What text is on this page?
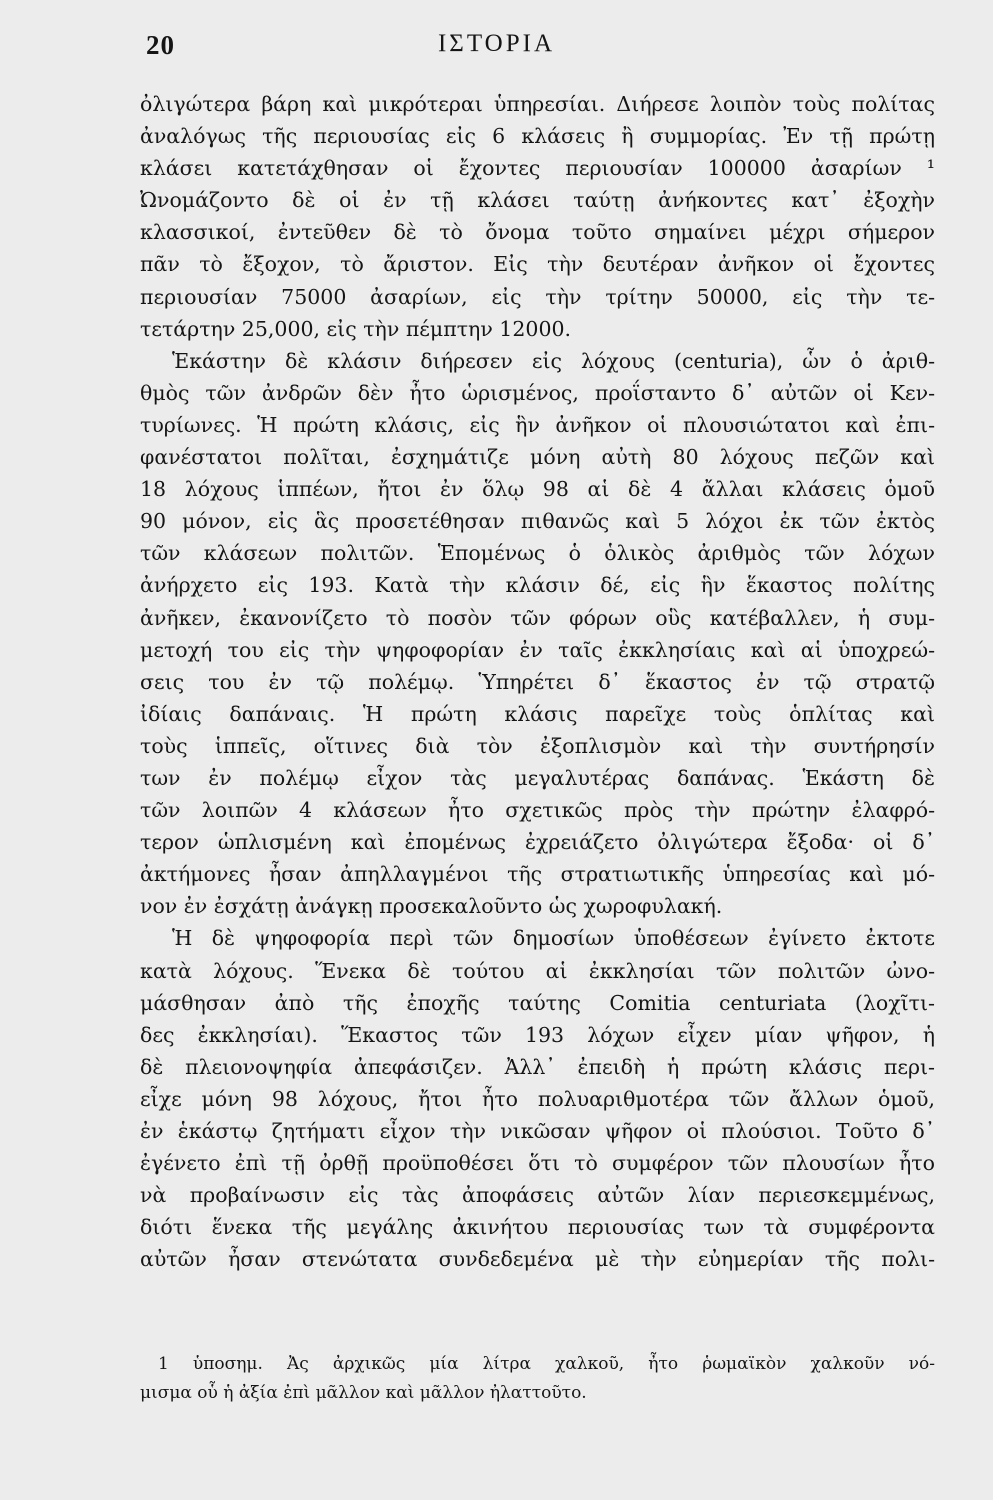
20	ΙΣΤΟΡΙΑ
ὀλιγώτερα βάρη καὶ μικρότεραι ὑπηρεσίαι. Διήρεσε λοιπὸν τοὺς πολίτας
ἀναλόγως τῆς περιουσίας εἰς 6 κλάσεις ἢ συμμορίας. Ἐν τῇ πρώτῃ
κλάσει κατετάχθησαν οἱ ἔχοντες περιουσίαν 100000 ἀσαρίων ¹
Ὠνομάζοντο δὲ οἱ ἐν τῇ κλάσει ταύτῃ ἀνήκοντες κατ᾽ ἐξοχὴν
κλασσικοί, ἐντεῦθεν δὲ τὸ ὄνομα τοῦτο σημαίνει μέχρι σήμερον
πᾶν τὸ ἔξοχον, τὸ ἄριστον. Εἰς τὴν δευτέραν ἀνῆκον οἱ ἔχοντες
περιουσίαν 75000 ἀσαρίων, εἰς τὴν τρίτην 50000, εἰς τὴν τε-
τετάρτην 25,000, εἰς τὴν πέμπτην 12000.
Ἑκάστην δὲ κλάσιν διήρεσεν εἰς λόχους (centuria), ὧν ὁ ἀριθ-
θμὸς τῶν ἀνδρῶν δὲν ἦτο ὡρισμένος, προΐσταντο δ᾽ αὐτῶν οἱ Κεν-
τυρίωνες. Ἡ πρώτη κλάσις, εἰς ἣν ἀνῆκον οἱ πλουσιώτατοι καὶ ἐπι-
φανέστατοι πολῖται, ἐσχημάτιζε μόνη αὐτὴ 80 λόχους πεζῶν καὶ
18 λόχους ἱππέων, ἤτοι ἐν ὅλῳ 98 αἱ δὲ 4 ἄλλαι κλάσεις ὁμοῦ
90 μόνον, εἰς ἃς προσετέθησαν πιθανῶς καὶ 5 λόχοι ἐκ τῶν ἐκτὸς
τῶν κλάσεων πολιτῶν. Ἑπομένως ὁ ὁλικὸς ἀριθμὸς τῶν λόχων
ἀνήρχετο εἰς 193. Κατὰ τὴν κλάσιν δέ, εἰς ἣν ἕκαστος πολίτης
ἀνῆκεν, ἐκανονίζετο τὸ ποσὸν τῶν φόρων οὓς κατέβαλλεν, ἡ συμ-
μετοχή του εἰς τὴν ψηφοφορίαν ἐν ταῖς ἐκκλησίαις καὶ αἱ ὑποχρεώ-
σεις του ἐν τῷ πολέμῳ. Ὑπηρέτει δ᾽ ἕκαστος ἐν τῷ στρατῷ
ἰδίαις δαπάναις. Ἡ πρώτη κλάσις παρεῖχε τοὺς ὁπλίτας καὶ
τοὺς ἱππεῖς, οἵτινες διὰ τὸν ἐξοπλισμὸν καὶ τὴν συντήρησίν
των ἐν πολέμῳ εἶχον τὰς μεγαλυτέρας δαπάνας. Ἑκάστη δὲ
τῶν λοιπῶν 4 κλάσεων ἦτο σχετικῶς πρὸς τὴν πρώτην ἐλαφρό-
τερον ὡπλισμένη καὶ ἐπομένως ἐχρειάζετο ὀλιγώτερα ἔξοδα· οἱ δ᾽
ἀκτήμονες ἦσαν ἀπηλλαγμένοι τῆς στρατιωτικῆς ὑπηρεσίας καὶ μό-
νον ἐν ἐσχάτῃ ἀνάγκῃ προσεκαλοῦντο ὡς χωροφυλακή.
Ἡ δὲ ψηφοφορία περὶ τῶν δημοσίων ὑποθέσεων ἐγίνετο ἐκτοτε
κατὰ λόχους. Ἕνεκα δὲ τούτου αἱ ἐκκλησίαι τῶν πολιτῶν ὠνο-
μάσθησαν ἀπὸ τῆς ἐποχῆς ταύτης Comitia centuriata (λοχῖτι-
δες ἐκκλησίαι). Ἕκαστος τῶν 193 λόχων εἶχεν μίαν ψῆφον, ἡ
δὲ πλειονοψηφία ἀπεφάσιζεν. Ἀλλ᾽ ἐπειδὴ ἡ πρώτη κλάσις περι-
εἶχε μόνη 98 λόχους, ἤτοι ἦτο πολυαριθμοτέρα τῶν ἄλλων ὁμοῦ,
ἐν ἑκάστῳ ζητήματι εἶχον τὴν νικῶσαν ψῆφον οἱ πλούσιοι. Τοῦτο δ᾽
ἐγένετο ἐπὶ τῇ ὀρθῇ προϋποθέσει ὅτι τὸ συμφέρον τῶν πλουσίων ἦτο
νὰ προβαίνωσιν εἰς τὰς ἀποφάσεις αὐτῶν λίαν περιεσκεμμένως,
διότι ἕνεκα τῆς μεγάλης ἀκινήτου περιουσίας των τὰ συμφέροντα
αὐτῶν ἦσαν στενώτατα συνδεδεμένα μὲ τὴν εὐημερίαν τῆς πολι-
1 ὑποσημ. Ἀς ἀρχικῶς μία λίτρα χαλκοῦ, ἦτο ῥωμαϊκὸν χαλκοῦν νό-
μισμα οὗ ἡ ἀξία ἐπὶ μᾶλλον καὶ μᾶλλον ἠλαττοῦτο.
